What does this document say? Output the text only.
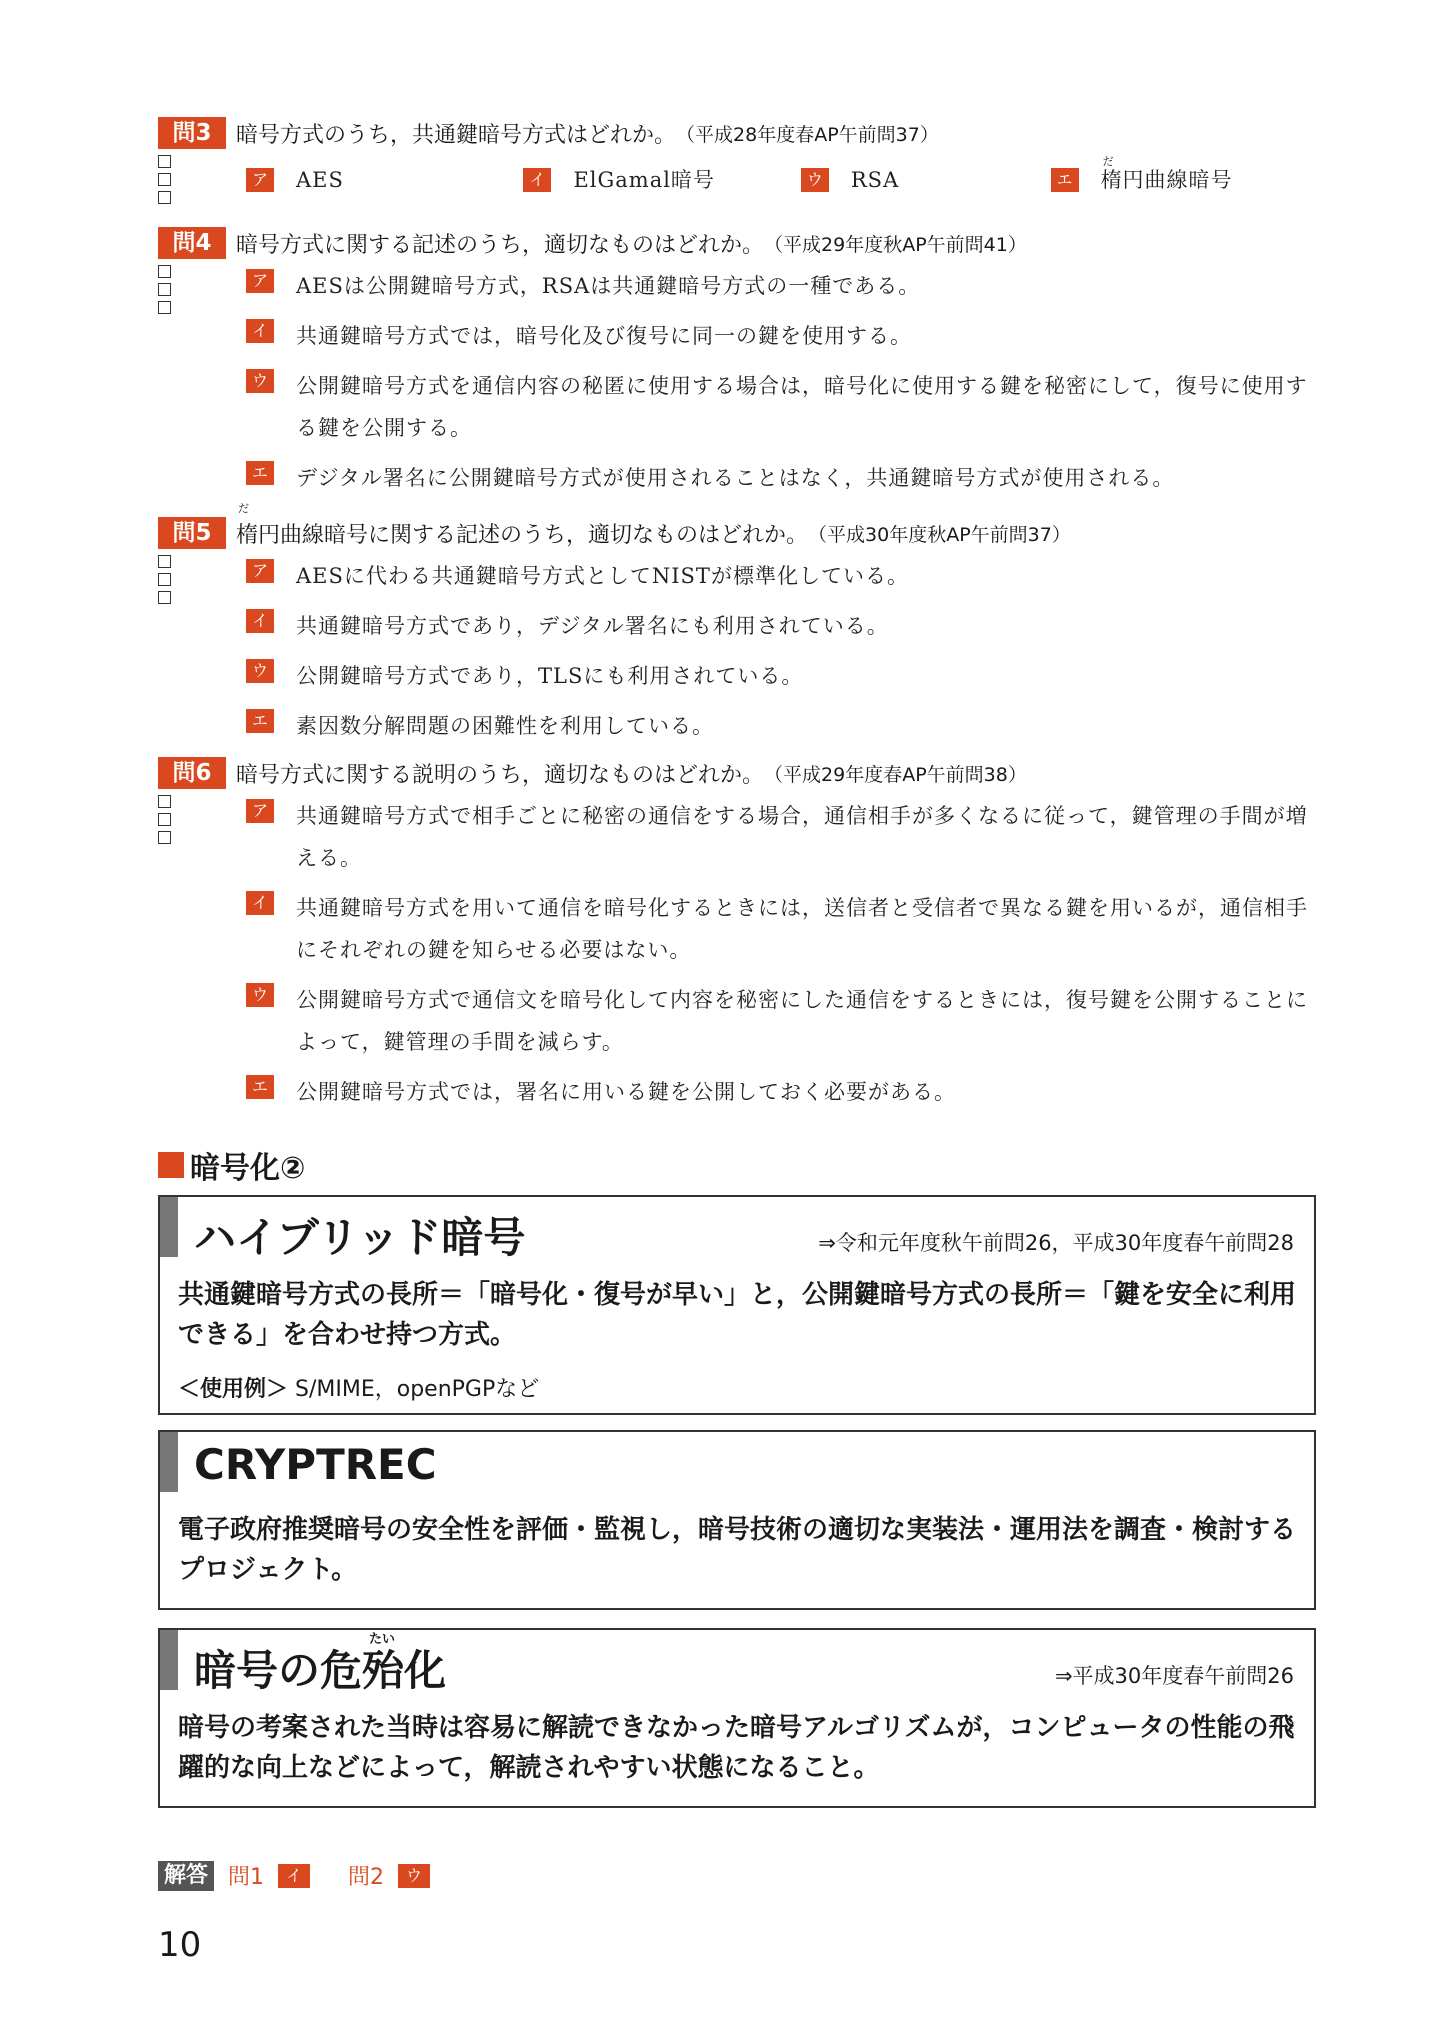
問3	暗号方式のうち，共通鍵暗号方式はどれか。 （平成28年度春AP午前問37）
ア AES	イ ElGamal暗号	ウ RSA	エ
だ
楕円曲線暗号
問4	暗号方式に関する記述のうち，適切なものはどれか。 （平成29年度秋AP午前問41）
ア AESは公開鍵暗号方式，RSAは共通鍵暗号方式の一種である。
イ 共通鍵暗号方式では，暗号化及び復号に同一の鍵を使用する。
ウ 公開鍵暗号方式を通信内容の秘匿に使用する場合は，暗号化に使用する鍵を秘密にして，復号に使用する鍵を公開する。
エ デジタル署名に公開鍵暗号方式が使用されることはなく，共通鍵暗号方式が使用される。
問5
だ
楕円曲線暗号に関する記述のうち，適切なものはどれか。 （平成30年度秋AP午前問37）
ア AESに代わる共通鍵暗号方式としてNISTが標準化している。
イ 共通鍵暗号方式であり，デジタル署名にも利用されている。
ウ 公開鍵暗号方式であり，TLSにも利用されている。
エ 素因数分解問題の困難性を利用している。
問6	暗号方式に関する説明のうち，適切なものはどれか。 （平成29年度春AP午前問38）
ア 共通鍵暗号方式で相手ごとに秘密の通信をする場合，通信相手が多くなるに従って，鍵管理の手間が増える。
イ 共通鍵暗号方式を用いて通信を暗号化するときには，送信者と受信者で異なる鍵を用いるが，通信相手にそれぞれの鍵を知らせる必要はない。
ウ 公開鍵暗号方式で通信文を暗号化して内容を秘密にした通信をするときには，復号鍵を公開することによって，鍵管理の手間を減らす。
エ 公開鍵暗号方式では，署名に用いる鍵を公開しておく必要がある。
暗号化②
ハイブリッド暗号	⇒令和元年度秋午前問26，平成30年度春午前問28
共通鍵暗号方式の長所＝「暗号化・復号が早い」と，公開鍵暗号方式の長所＝「鍵を安全に利用できる」を合わせ持つ方式。
＜使用例＞ S/MIME，openPGPなど
CRYPTREC
電子政府推奨暗号の安全性を評価・監視し，暗号技術の適切な実装法・運用法を調査・検討するプロジェクト。
たい
暗号の危殆化	⇒平成30年度春午前問26
暗号の考案された当時は容易に解読できなかった暗号アルゴリズムが，コンピュータの性能の飛躍的な向上などによって，解読されやすい状態になること。
解答 問1	イ	問2	ウ
10
